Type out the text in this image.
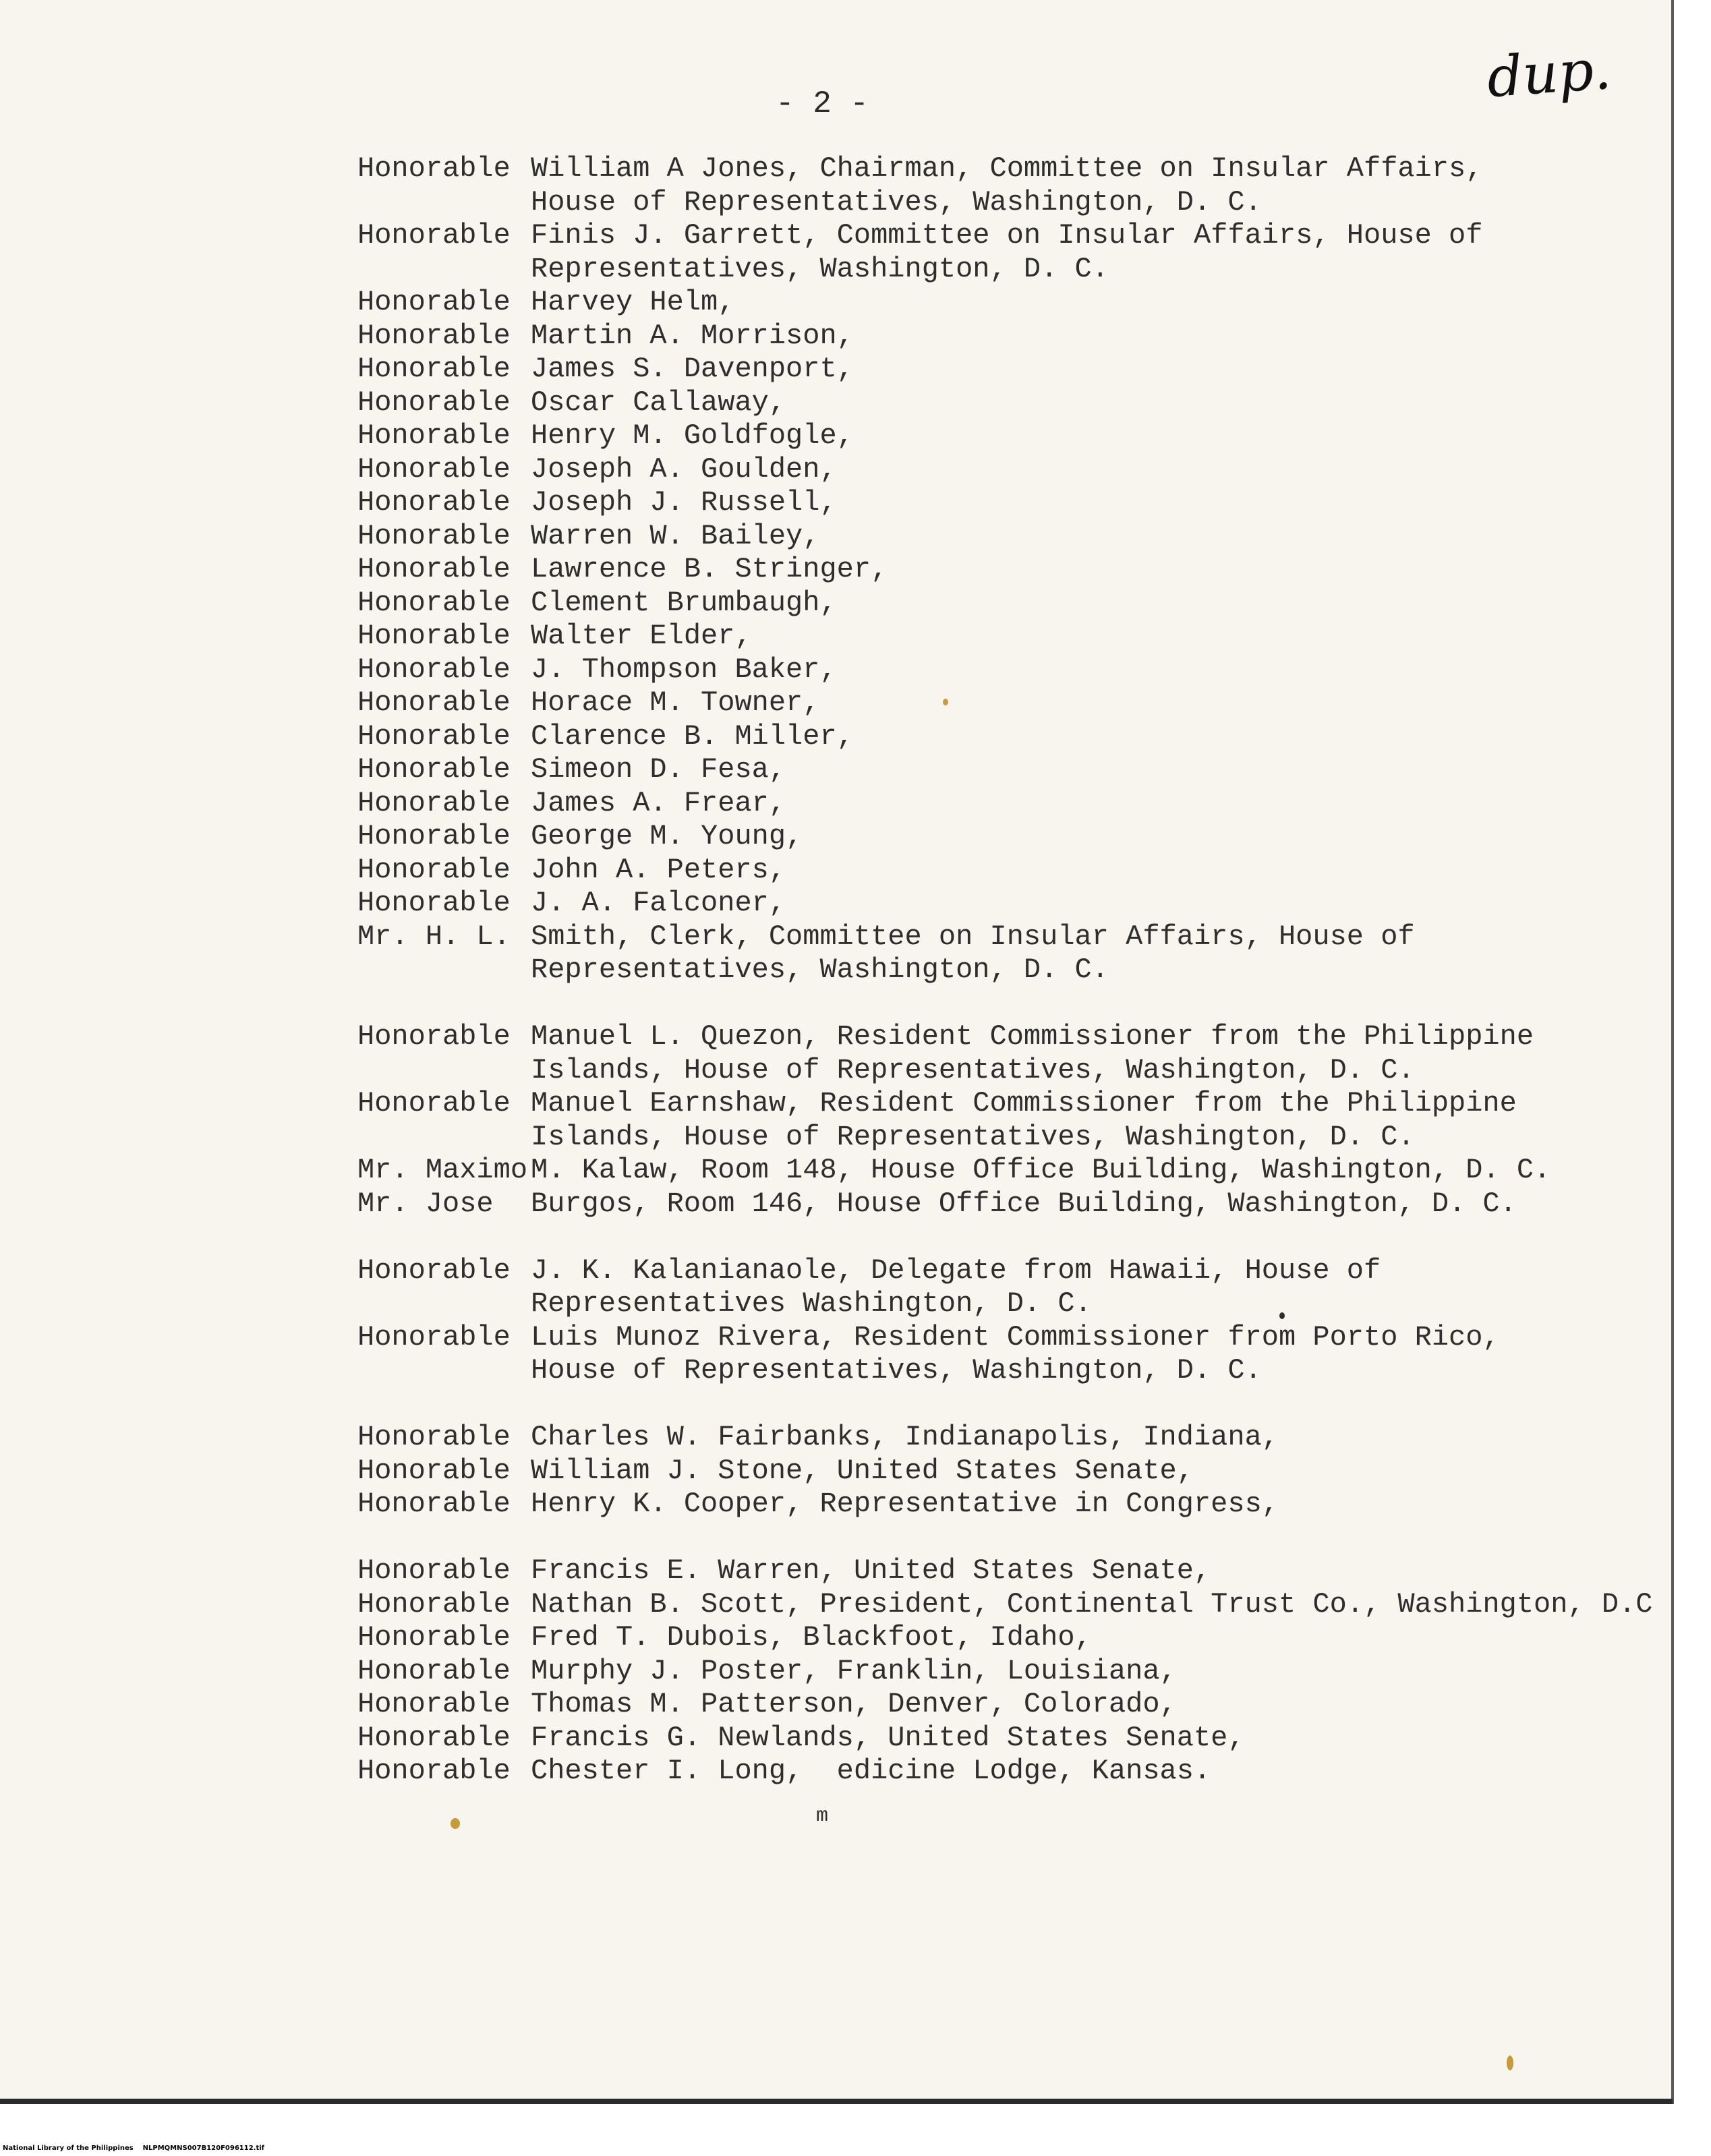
dup.
- 2 -
Honorable William A Jones, Chairman, Committee on Insular Affairs,
House of Representatives, Washington, D. C.
Honorable Finis J. Garrett, Committee on Insular Affairs, House of
Representatives, Washington, D. C.
Honorable Harvey Helm,
Honorable Martin A. Morrison,
Honorable James S. Davenport,
Honorable Oscar Callaway,
Honorable Henry M. Goldfogle,
Honorable Joseph A. Goulden,
Honorable Joseph J. Russell,
Honorable Warren W. Bailey,
Honorable Lawrence B. Stringer,
Honorable Clement Brumbaugh,
Honorable Walter Elder,
Honorable J. Thompson Baker,
Honorable Horace M. Towner,
Honorable Clarence B. Miller,
Honorable Simeon D. Fesa,
Honorable James A. Frear,
Honorable George M. Young,
Honorable John A. Peters,
Honorable J. A. Falconer,
Mr. H. L. Smith, Clerk, Committee on Insular Affairs, House of
Representatives, Washington, D. C.
Honorable Manuel L. Quezon, Resident Commissioner from the Philippine
Islands, House of Representatives, Washington, D. C.
Honorable Manuel Earnshaw, Resident Commissioner from the Philippine
Islands, House of Representatives, Washington, D. C.
Mr. Maximo M. Kalaw, Room 148, House Office Building, Washington, D. C.
Mr. Jose	Burgos, Room 146, House Office Building, Washington, D. C.
Honorable J. K. Kalanianaole, Delegate from Hawaii, House of
Representatives Washington, D. C.
Honorable Luis Munoz Rivera, Resident Commissioner from Porto Rico,
House of Representatives, Washington, D. C.
Honorable Charles W. Fairbanks, Indianapolis, Indiana,
Honorable William J. Stone, United States Senate,
Honorable Henry K. Cooper, Representative in Congress,
Honorable Francis E. Warren, United States Senate,
Honorable Nathan B. Scott, President, Continental Trust Co., Washington, D.C
Honorable Fred T. Dubois, Blackfoot, Idaho,
Honorable Murphy J. Poster, Franklin, Louisiana,
Honorable Thomas M. Patterson, Denver, Colorado,
Honorable Francis G. Newlands, United States Senate,
Honorable Chester I. Long,  edicine Lodge, Kansas.
m
National Library of the Philippines    NLPMQMNS007B120F096112.tif
